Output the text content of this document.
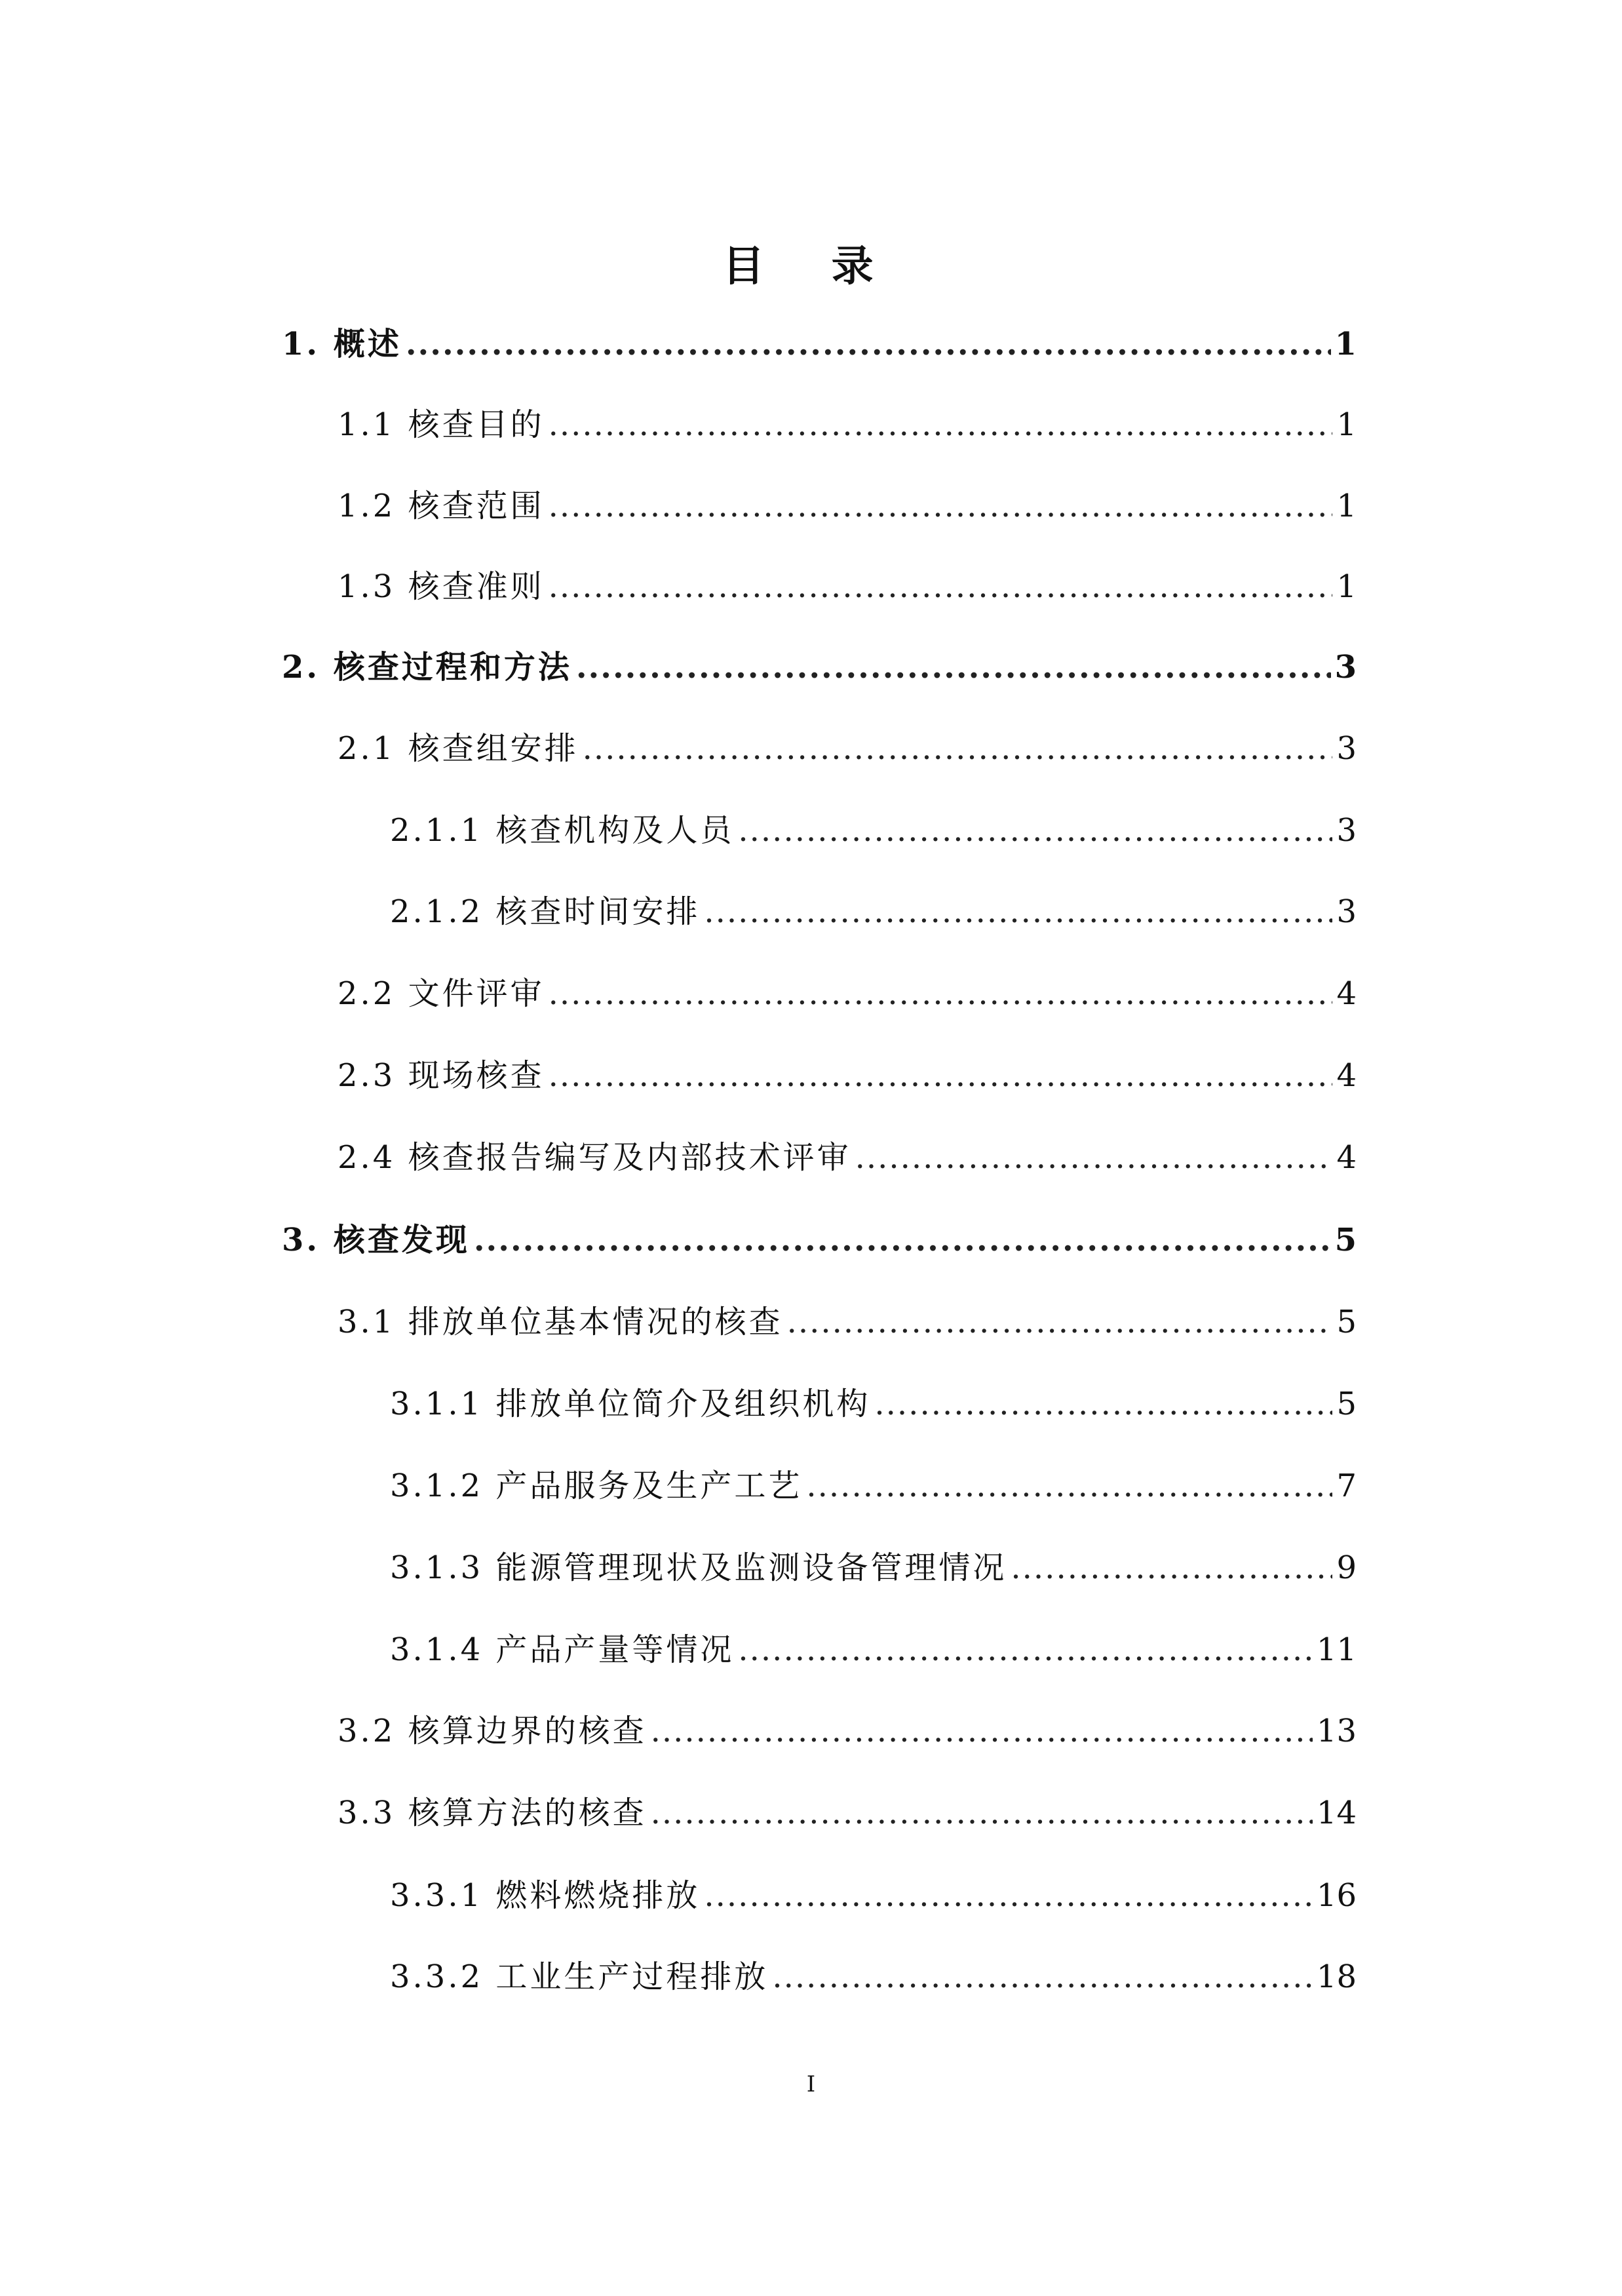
目 录
1. 概述 .....	1
1.1 核查目的 .....	1
1.2 核查范围 .....	1
1.3 核查准则 .....	1
2. 核查过程和方法 .....	3
2.1 核查组安排 .....	3
2.1.1 核查机构及人员 .....	3
2.1.2 核查时间安排 .....	3
2.2 文件评审 .....	4
2.3 现场核查 .....	4
2.4 核查报告编写及内部技术评审 .....	4
3. 核查发现 .....	5
3.1 排放单位基本情况的核查 .....	5
3.1.1 排放单位简介及组织机构 .....	5
3.1.2 产品服务及生产工艺 .....	7
3.1.3 能源管理现状及监测设备管理情况 .....	9
3.1.4 产品产量等情况 .....	11
3.2 核算边界的核查 .....	13
3.3 核算方法的核查 .....	14
3.3.1 燃料燃烧排放 .....	16
3.3.2 工业生产过程排放 .....	18
I
